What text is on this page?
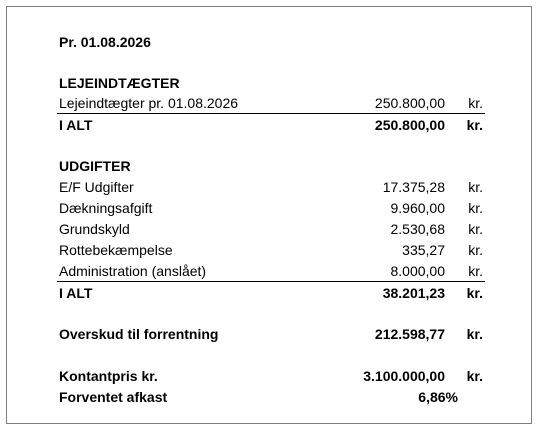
Pr. 01.08.2026
LEJEINDTÆGTER
Lejeindtægter pr. 01.08.2026	250.800,00 kr.
I ALT	250.800,00 kr.
UDGIFTER
E/F Udgifter	17.375,28 kr.
Dækningsafgift	9.960,00 kr.
Grundskyld	2.530,68 kr.
Rottebekæmpelse	335,27 kr.
Administration (anslået)	8.000,00 kr.
I ALT	38.201,23 kr.
Overskud til forrentning	212.598,77 kr.
Kontantpris kr.	3.100.000,00 kr.
Forventet afkast	6,86%
